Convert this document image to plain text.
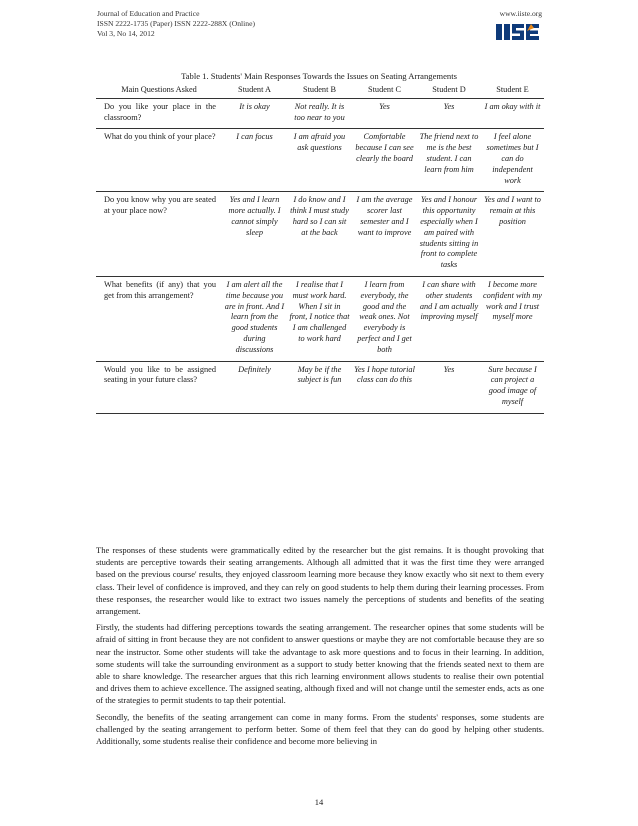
Journal of Education and Practice
ISSN 2222-1735 (Paper) ISSN 2222-288X (Online)
Vol 3, No 14, 2012
www.iiste.org
Table 1. Students' Main Responses Towards the Issues on Seating Arrangements
Main Questions Asked	Student A	Student B	Student C	Student D	Student E
Do you like your place in the classroom?	It is okay	Not really. It is too near to you	Yes	Yes	I am okay with it
What do you think of your place?	I can focus	I am afraid you ask questions	Comfortable because I can see clearly the board	The friend next to me is the best student. I can learn from him	I feel alone sometimes but I can do independent work
Do you know why you are seated at your place now?	Yes and I learn more actually. I cannot simply sleep	I do know and I think I must study hard so I can sit at the back	I am the average scorer last semester and I want to improve	Yes and I honour this opportunity especially when I am paired with students sitting in front to complete tasks	Yes and I want to remain at this position
What benefits (if any) that you get from this arrangement?	I am alert all the time because you are in front. And I learn from the good students during discussions	I realise that I must work hard. When I sit in front, I notice that I am challenged to work hard	I learn from everybody, the good and the weak ones. Not everybody is perfect and I get both	I can share with other students and I am actually improving myself	I become more confident with my work and I trust myself more
Would you like to be assigned seating in your future class?	Definitely	May be if the subject is fun	Yes I hope tutorial class can do this	Yes	Sure because I can project a good image of myself

The responses of these students were grammatically edited by the researcher but the gist remains. It is thought provoking that students are perceptive towards their seating arrangements. Although all admitted that it was the first time they were arranged based on the previous course' results, they enjoyed classroom learning more because they know exactly who sit next to them every class. Their level of confidence is improved, and they can rely on good students to help them during their learning processes. From these responses, the researcher would like to extract two issues namely the perceptions of students and benefits of the seating arrangement.

Firstly, the students had differing perceptions towards the seating arrangement. The researcher opines that some students will be afraid of sitting in front because they are not confident to answer questions or maybe they are not comfortable because they are so near the instructor. Some other students will take the advantage to ask more questions and to focus in their learning. In addition, some students will take the surrounding environment as a support to study better knowing that the friends seated next to them are able to share knowledge. The researcher argues that this rich learning environment allows students to realise their own potential and drives them to achieve excellence. The assigned seating, although fixed and will not change until the semester ends, acts as one of the strategies to permit students to tap their potential.

Secondly, the benefits of the seating arrangement can come in many forms. From the students' responses, some students are challenged by the seating arrangement to perform better. Some of them feel that they can do good by helping other students. Additionally, some students realise their confidence and become more believing in

14
